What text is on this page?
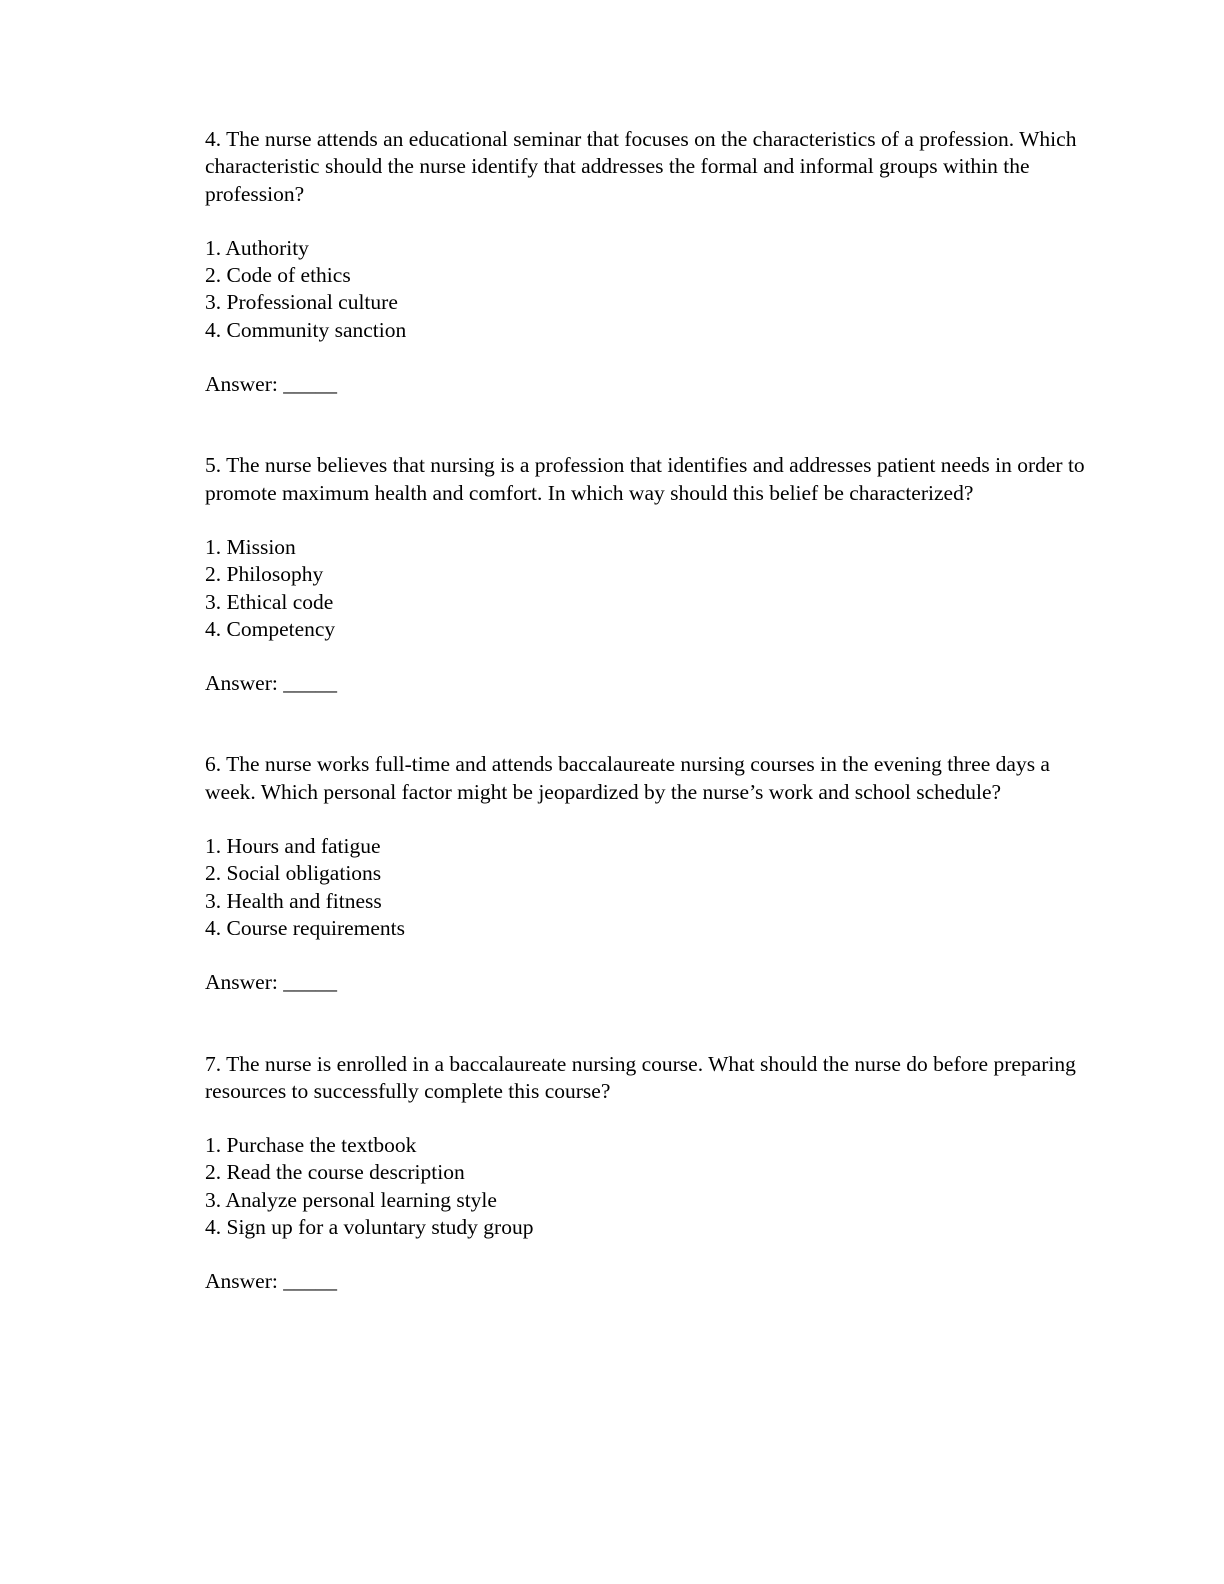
4. The nurse attends an educational seminar that focuses on the characteristics of a profession. Which characteristic should the nurse identify that addresses the formal and informal groups within the profession?

1. Authority
2. Code of ethics
3. Professional culture
4. Community sanction

Answer: _____

5. The nurse believes that nursing is a profession that identifies and addresses patient needs in order to promote maximum health and comfort. In which way should this belief be characterized?

1. Mission
2. Philosophy
3. Ethical code
4. Competency

Answer: _____

6. The nurse works full-time and attends baccalaureate nursing courses in the evening three days a week. Which personal factor might be jeopardized by the nurse’s work and school schedule?

1. Hours and fatigue
2. Social obligations
3. Health and fitness
4. Course requirements

Answer: _____

7. The nurse is enrolled in a baccalaureate nursing course. What should the nurse do before preparing resources to successfully complete this course?

1. Purchase the textbook
2. Read the course description
3. Analyze personal learning style
4. Sign up for a voluntary study group

Answer: _____
